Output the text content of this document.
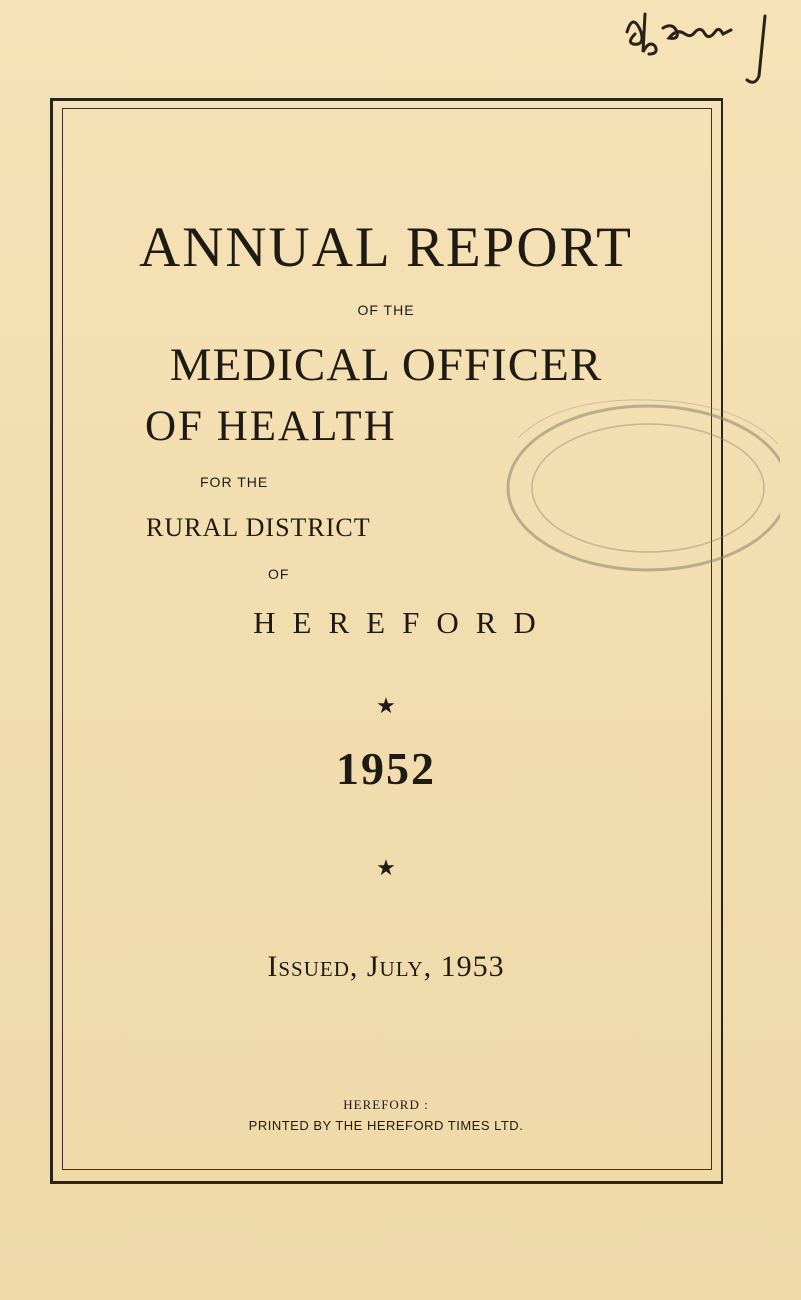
ANNUAL REPORT
OF THE
MEDICAL OFFICER
OF HEALTH
FOR THE
RURAL DISTRICT
OF
HEREFORD
★
1952
★
Issued, July, 1953
HEREFORD :
PRINTED BY THE HEREFORD TIMES LTD.
